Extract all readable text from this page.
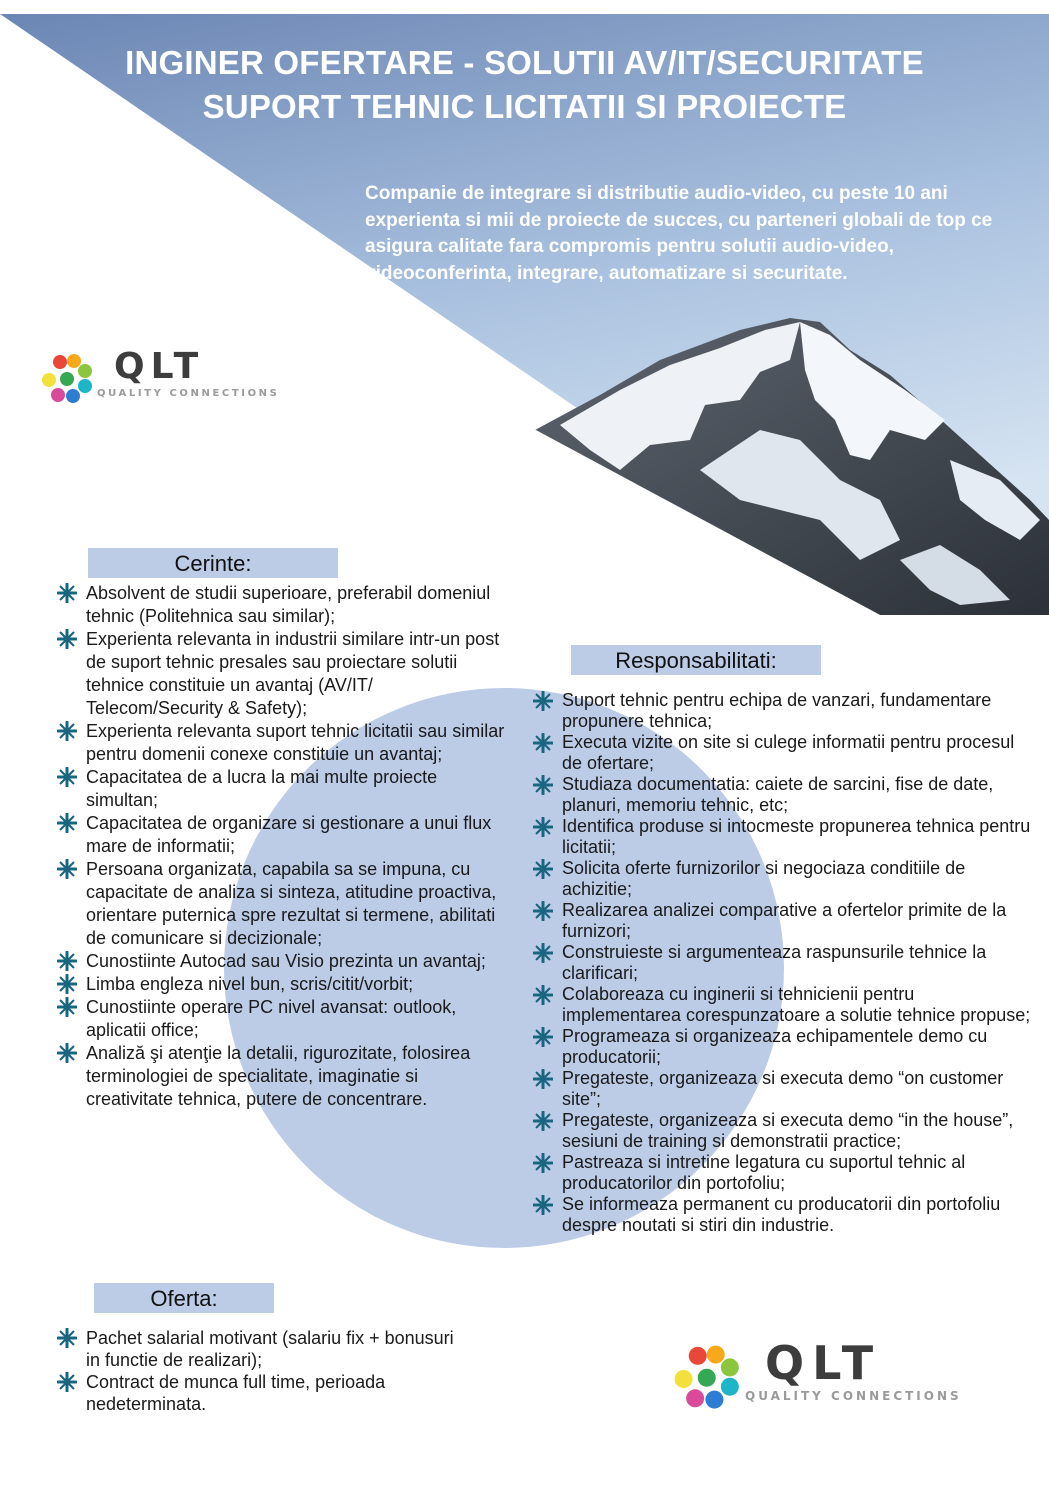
INGINER OFERTARE - SOLUTII AV/IT/SECURITATE
SUPORT TEHNIC LICITATII SI PROIECTE
Companie de integrare si distributie audio-video, cu peste 10 ani experienta si mii de proiecte de succes, cu parteneri globali de top ce asigura calitate fara compromis pentru solutii audio-video, videoconferinta, integrare, automatizare si securitate.
QLT
QUALITY CONNECTIONS
Cerinte:
Absolvent de studii superioare, preferabil domeniul tehnic (Politehnica sau similar);
Experienta relevanta in industrii similare intr-un post de suport tehnic presales sau proiectare solutii tehnice constituie un avantaj (AV/IT/ Telecom/Security & Safety);
Experienta relevanta suport tehnic licitatii sau similar pentru domenii conexe constituie un avantaj;
Capacitatea de a lucra la mai multe proiecte simultan;
Capacitatea de organizare si gestionare a unui flux mare de informatii;
Persoana organizata, capabila sa se impuna, cu capacitate de analiza si sinteza, atitudine proactiva, orientare puternica spre rezultat si termene, abilitati de comunicare si decizionale;
Cunostiinte Autocad sau Visio prezinta un avantaj;
Limba engleza nivel bun, scris/citit/vorbit;
Cunostiinte operare PC nivel avansat: outlook, aplicatii office;
Analiză şi atenţie la detalii, rigurozitate, folosirea terminologiei de specialitate, imaginatie si creativitate tehnica, putere de concentrare.
Responsabilitati:
Suport tehnic pentru echipa de vanzari, fundamentare propunere tehnica;
Executa vizite on site si culege informatii pentru procesul de ofertare;
Studiaza documentatia: caiete de sarcini, fise de date, planuri, memoriu tehnic, etc;
Identifica produse si intocmeste propunerea tehnica pentru licitatii;
Solicita oferte furnizorilor si negociaza conditiile de achizitie;
Realizarea analizei comparative a ofertelor primite de la furnizori;
Construieste si argumenteaza raspunsurile tehnice la clarificari;
Colaboreaza cu inginerii si tehnicienii pentru implementarea corespunzatoare a solutie tehnice propuse;
Programeaza si organizeaza echipamentele demo cu producatorii;
Pregateste, organizeaza si executa demo “on customer site”;
Pregateste, organizeaza si executa demo “in the house”, sesiuni de training si demonstratii practice;
Pastreaza si intretine legatura cu suportul tehnic al producatorilor din portofoliu;
Se informeaza permanent cu producatorii din portofoliu despre noutati si stiri din industrie.
Oferta:
Pachet salarial motivant (salariu fix + bonusuri in functie de realizari);
Contract de munca full time, perioada nedeterminata.
QLT
QUALITY CONNECTIONS
